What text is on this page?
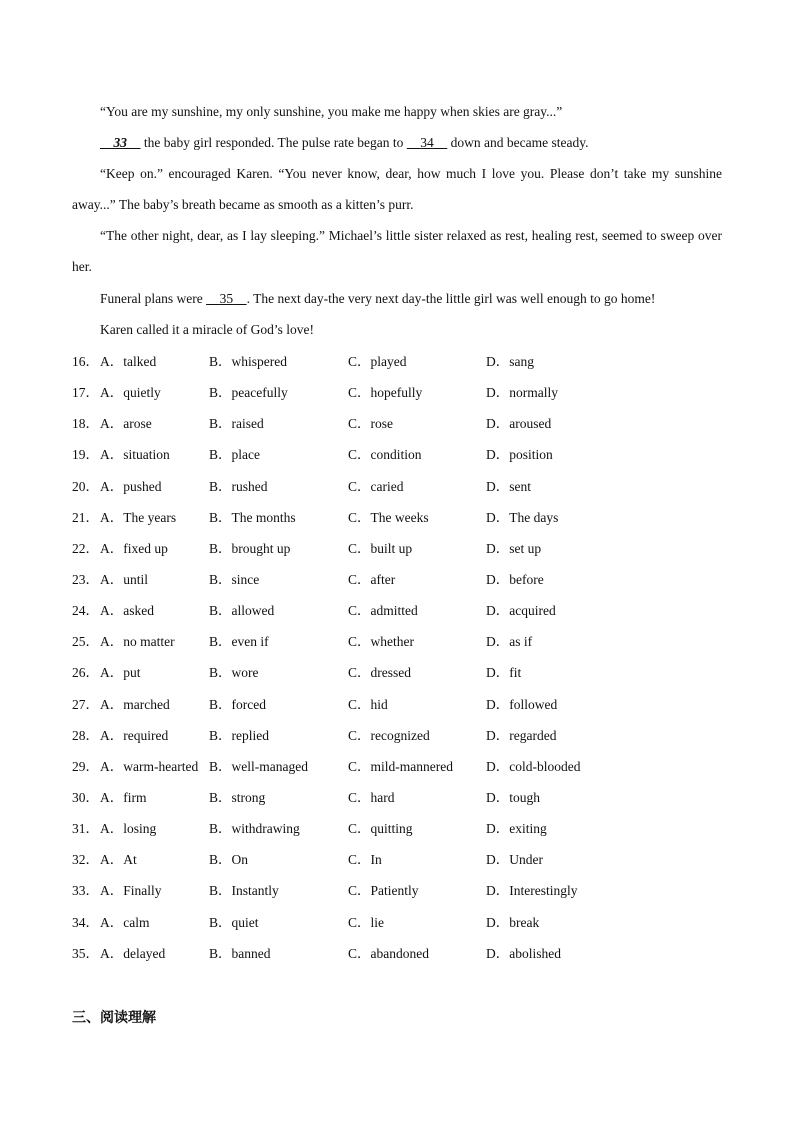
“You are my sunshine, my only sunshine, you make me happy when skies are gray...”

 33  the baby girl responded. The pulse rate began to  34  down and became steady.

“Keep on.” encouraged Karen. “You never know, dear, how much I love you. Please don’t take my sunshine away...” The baby’s breath became as smooth as a kitten’s purr.

“The other night, dear, as I lay sleeping.” Michael’s little sister relaxed as rest, healing rest, seemed to sweep over her.

Funeral plans were  35  . The next day-the very next day-the little girl was well enough to go home!

Karen called it a miracle of God’s love!

16． A．talked	B．whispered	C．played	D．sang
17． A．quietly	B．peacefully	C．hopefully	D．normally
18． A．arose	B．raised	C．rose	D．aroused
19． A．situation	B．place	C．condition	D．position
20． A．pushed	B．rushed	C．caried	D．sent
21． A．The years B．The months	C．The weeks	D．The days
22． A．fixed up	B．brought up	C．built up	D．set up
23． A．until	B．since	C．after	D．before
24． A．asked	B．allowed	C．admitted	D．acquired
25． A．no matter	B．even if	C．whether	D．as if
26． A．put	B．wore	C．dressed	D．fit
27． A．marched	B．forced	C．hid	D．followed
28． A．required	B．replied	C．recognized	D．regarded
29． A．warm-hearted B．well-managed	C．mild-mannered D．cold-blooded
30． A．firm	B．strong	C．hard	D．tough
31． A．losing	B．withdrawing	C．quitting	D．exiting
32． A．At	B．On	C．In	D．Under
33． A．Finally	B．Instantly	C．Patiently	D．Interestingly
34． A．calm	B．quiet	C．lie	D．break
35． A．delayed	B．banned	C．abandoned	D．abolished
三、阅读理解
